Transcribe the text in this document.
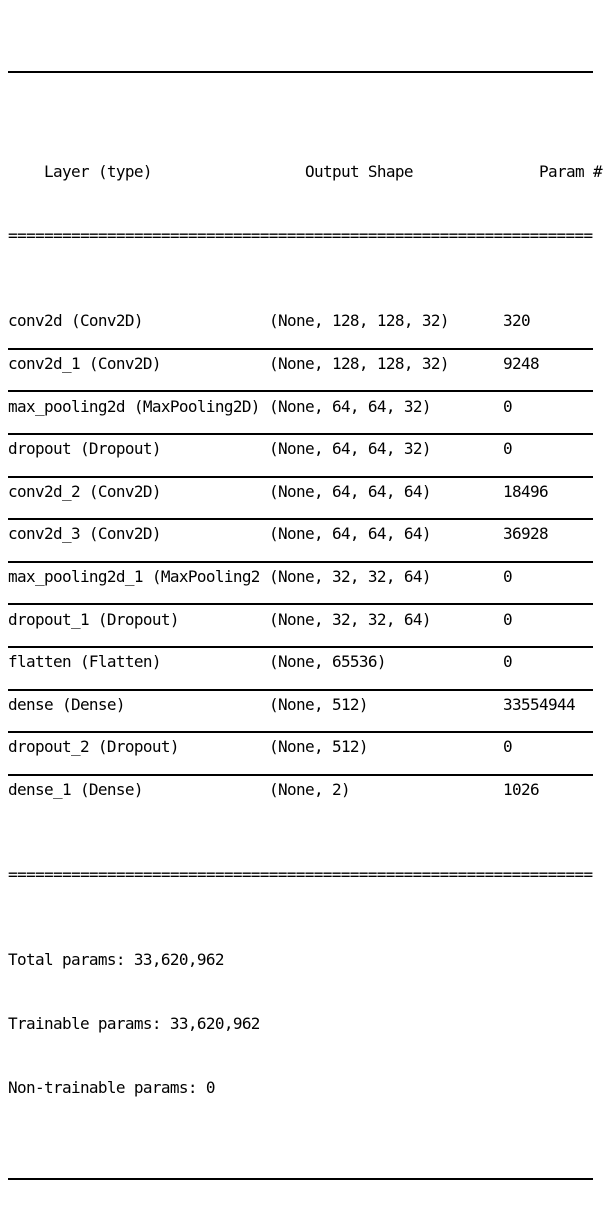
Layer (type)	Output Shape	Param #

=================================================================

conv2d (Conv2D)	(None, 128, 128, 32)	320
conv2d_1 (Conv2D)	(None, 128, 128, 32)	9248
max_pooling2d (MaxPooling2D) (None, 64, 64, 32)	0
dropout (Dropout)	(None, 64, 64, 32)	0
conv2d_2 (Conv2D)	(None, 64, 64, 64)	18496
conv2d_3 (Conv2D)	(None, 64, 64, 64)	36928
max_pooling2d_1 (MaxPooling2 (None, 32, 32, 64)	0
dropout_1 (Dropout)	(None, 32, 32, 64)	0
flatten (Flatten)	(None, 65536)	0
dense (Dense)	(None, 512)	33554944
dropout_2 (Dropout)	(None, 512)	0
dense_1 (Dense)	(None, 2)	1026

=================================================================

Total params: 33,620,962

Trainable params: 33,620,962

Non-trainable params: 0
